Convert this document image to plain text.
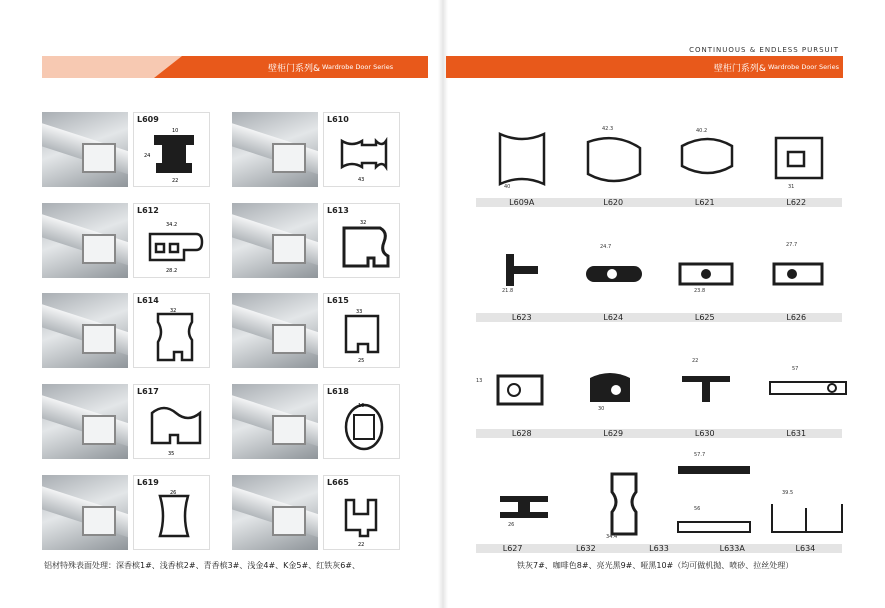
CONTINUOUS & ENDLESS PURSUIT
壁柜门系列& Wardrobe Door Series	壁柜门系列& Wardrobe Door Series
L609
10
24
22
L610
43
L612
34.2
28.2
L613
32
L614
32
L615
33
25
L617
35
L618
16
L619
26
L665
22
40
42.3	40.2
31
L609A	L620	L621	L622
21.8
24.7
23.8
27.7
L623	L624	L625	L626
13
30
22
57
L628	L629	L630	L631
26
34.4
57.7
56
39.5
L627	L632	L633	L633A	L634
铝材特殊表面处理：深香槟1#、浅香槟2#、青香槟3#、浅金4#、K金5#、红铁灰6#、	铁灰7#、咖啡色8#、亮光黑9#、哑黑10#（均可做机抛、喷砂、拉丝处理）
